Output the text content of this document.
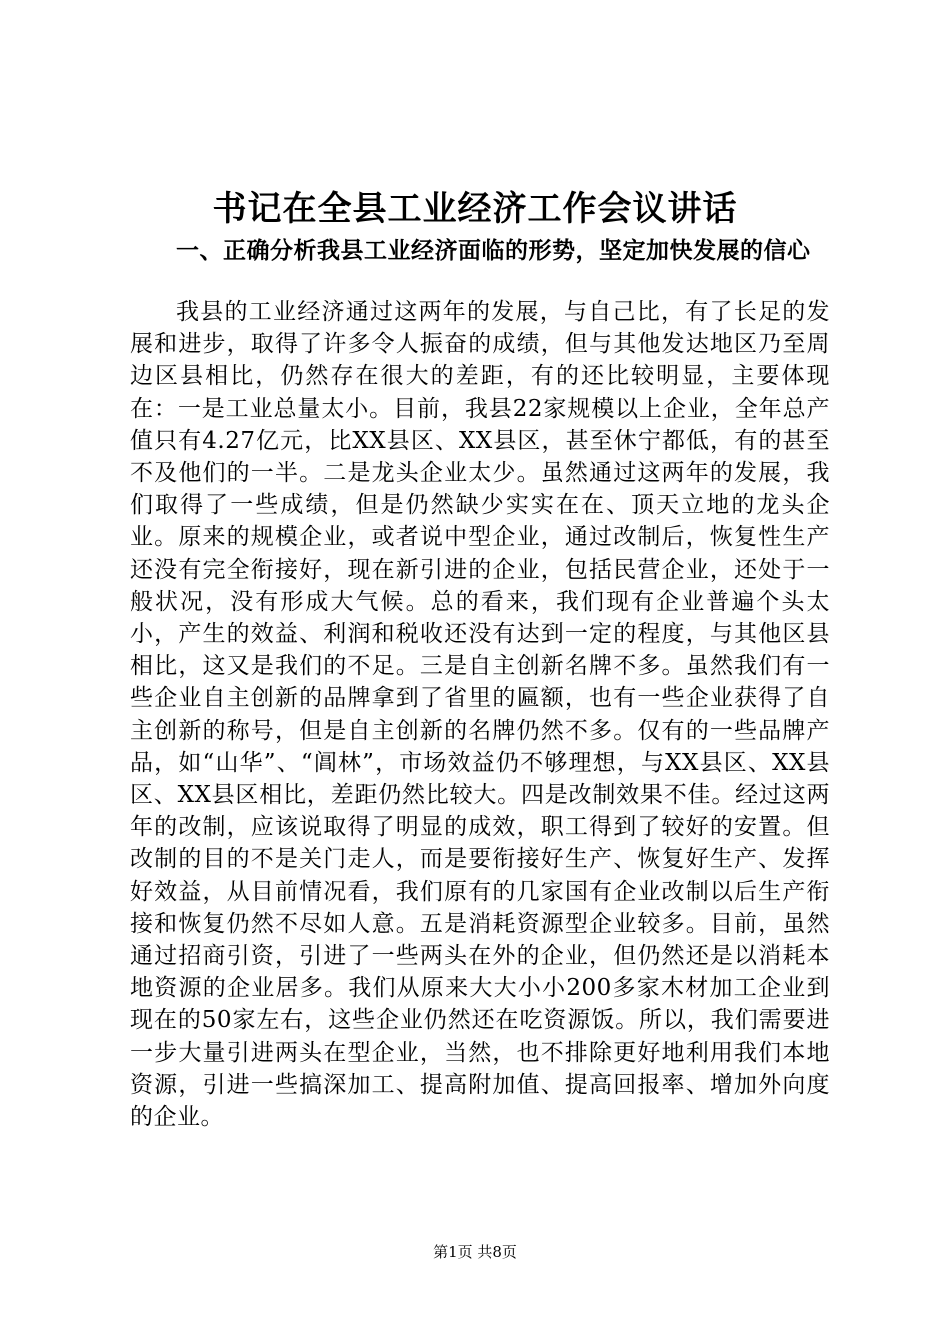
书记在全县工业经济工作会议讲话

一、正确分析我县工业经济面临的形势，坚定加快发展的信心

我县的工业经济通过这两年的发展，与自己比，有了长足的发展和进步，取得了许多令人振奋的成绩，但与其他发达地区乃至周边区县相比，仍然存在很大的差距，有的还比较明显，主要体现在：一是工业总量太小。目前，我县22家规模以上企业，全年总产值只有4.27亿元，比XX县区、XX县区，甚至休宁都低，有的甚至不及他们的一半。二是龙头企业太少。虽然通过这两年的发展，我们取得了一些成绩，但是仍然缺少实实在在、顶天立地的龙头企业。原来的规模企业，或者说中型企业，通过改制后，恢复性生产还没有完全衔接好，现在新引进的企业，包括民营企业，还处于一般状况，没有形成大气候。总的看来，我们现有企业普遍个头太小，产生的效益、利润和税收还没有达到一定的程度，与其他区县相比，这又是我们的不足。三是自主创新名牌不多。虽然我们有一些企业自主创新的品牌拿到了省里的匾额，也有一些企业获得了自主创新的称号，但是自主创新的名牌仍然不多。仅有的一些品牌产品，如“山华”、“阊林”，市场效益仍不够理想，与XX县区、XX县区、XX县区相比，差距仍然比较大。四是改制效果不佳。经过这两年的改制，应该说取得了明显的成效，职工得到了较好的安置。但改制的目的不是关门走人，而是要衔接好生产、恢复好生产、发挥好效益，从目前情况看，我们原有的几家国有企业改制以后生产衔接和恢复仍然不尽如人意。五是消耗资源型企业较多。目前，虽然通过招商引资，引进了一些两头在外的企业，但仍然还是以消耗本地资源的企业居多。我们从原来大大小小200多家木材加工企业到现在的50家左右，这些企业仍然还在吃资源饭。所以，我们需要进一步大量引进两头在型企业，当然，也不排除更好地利用我们本地资源，引进一些搞深加工、提高附加值、提高回报率、增加外向度的企业。

第1页 共8页
